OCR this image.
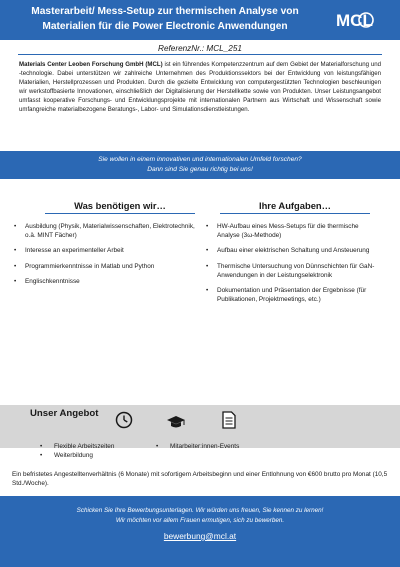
Masterarbeit/ Mess-Setup zur thermischen Analyse von
Materialien für die Power Electronic Anwendungen	MCL
ReferenzNr.: MCL_251
Materials Center Leoben Forschung GmbH (MCL) ist ein führendes Kompetenzzentrum auf dem Gebiet der Materialforschung und -technologie. Dabei unterstützen wir zahlreiche Unternehmen des Produktionssektors bei der Entwicklung von leistungsfähigen Materialien, Herstellprozessen und Produkten. Durch die gezielte Entwicklung von computergestützten Technologien beschleunigen wir werkstoffbasierte Innovationen, einschließlich der Digitalisierung der Herstellkette sowie von Produkten. Unser Leistungsangebot umfasst kooperative Forschungs- und Entwicklungsprojekte mit internationalen Partnern aus Wirtschaft und Wissenschaft sowie umfangreiche materialbezogene Beratungs-, Labor- und Simulationsdienstleistungen.
Sie wollen in einem innovativen und internationalen Umfeld forschen?
Dann sind Sie genau richtig bei uns!
Was benötigen wir…	Ihre Aufgaben…
• Ausbildung (Physik, Materialwissenschaften, Elektrotechnik, o.ä. MINT Fächer)
• Interesse an experimenteller Arbeit
• Programmierkenntnisse in Matlab und Python
• Englischkenntnisse
• HW-Aufbau eines Mess-Setups für die thermische Analyse (3ω-Methode)
• Aufbau einer elektrischen Schaltung und Ansteuerung
• Thermische Untersuchung von Dünnschichten für GaN-Anwendungen in der Leistungselektronik
• Dokumentation und Präsentation der Ergebnisse (für Publikationen, Projektmeetings, etc.)
Unser Angebot
• Flexible Arbeitszeiten
• Weiterbildung
• Mitarbeiter:innen-Events
Ein befristetes Angestelltenverhältnis (6 Monate) mit sofortigem Arbeitsbeginn und einer Entlohnung von €600 brutto pro Monat (10,5 Std./Woche).
Schicken Sie Ihre Bewerbungsunterlagen. Wir würden uns freuen, Sie kennen zu lernen!
Wir möchten vor allem Frauen ermutigen, sich zu bewerben.
bewerbung@mcl.at
